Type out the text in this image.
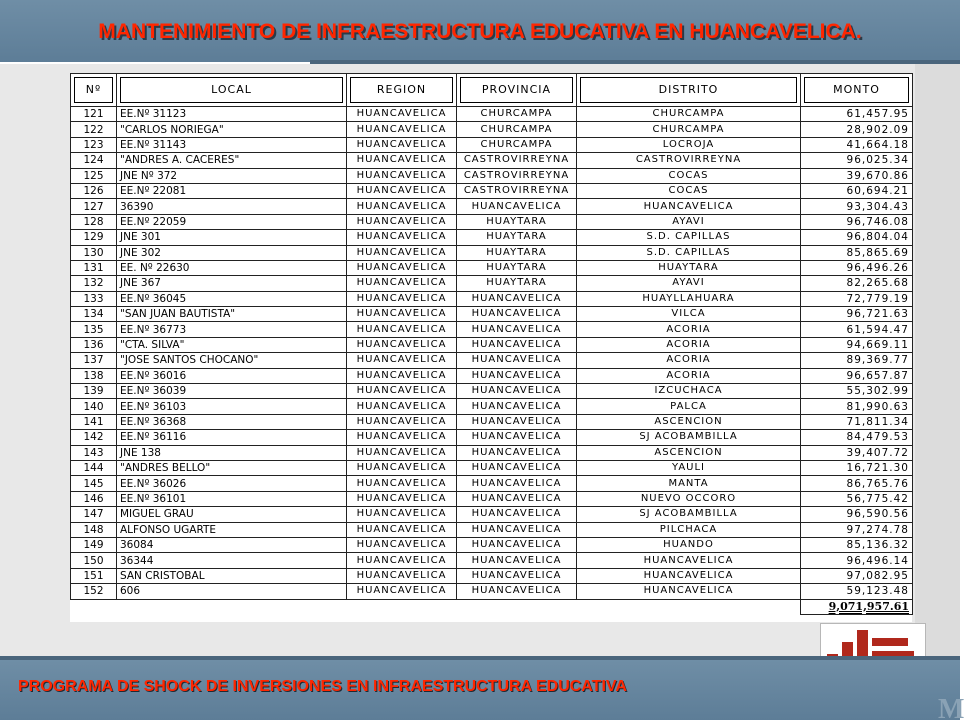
MANTENIMIENTO DE INFRAESTRUCTURA EDUCATIVA EN HUANCAVELICA.
Nº	LOCAL	REGION	PROVINCIA	DISTRITO	MONTO

121	EE.Nº 31123	HUANCAVELICA	CHURCAMPA	CHURCAMPA	61,457.95
122	"CARLOS NORIEGA"	HUANCAVELICA	CHURCAMPA	CHURCAMPA	28,902.09
123	EE.Nº 31143	HUANCAVELICA	CHURCAMPA	LOCROJA	41,664.18
124	"ANDRES A. CACERES"	HUANCAVELICA	CASTROVIRREYNA	CASTROVIRREYNA	96,025.34
125	JNE Nº 372	HUANCAVELICA	CASTROVIRREYNA	COCAS	39,670.86
126	EE.Nº 22081	HUANCAVELICA	CASTROVIRREYNA	COCAS	60,694.21
127	36390	HUANCAVELICA	HUANCAVELICA	HUANCAVELICA	93,304.43
128	EE.Nº 22059	HUANCAVELICA	HUAYTARA	AYAVI	96,746.08
129	JNE 301	HUANCAVELICA	HUAYTARA	S.D. CAPILLAS	96,804.04
130	JNE 302	HUANCAVELICA	HUAYTARA	S.D. CAPILLAS	85,865.69
131	EE. Nº 22630	HUANCAVELICA	HUAYTARA	HUAYTARA	96,496.26
132	JNE 367	HUANCAVELICA	HUAYTARA	AYAVI	82,265.68
133	EE.Nº 36045	HUANCAVELICA	HUANCAVELICA	HUAYLLAHUARA	72,779.19
134	"SAN JUAN BAUTISTA"	HUANCAVELICA	HUANCAVELICA	VILCA	96,721.63
135	EE.Nº 36773	HUANCAVELICA	HUANCAVELICA	ACORIA	61,594.47
136	"CTA. SILVA"	HUANCAVELICA	HUANCAVELICA	ACORIA	94,669.11
137	"JOSE SANTOS CHOCANO"	HUANCAVELICA	HUANCAVELICA	ACORIA	89,369.77
138	EE.Nº 36016	HUANCAVELICA	HUANCAVELICA	ACORIA	96,657.87
139	EE.Nº 36039	HUANCAVELICA	HUANCAVELICA	IZCUCHACA	55,302.99
140	EE.Nº 36103	HUANCAVELICA	HUANCAVELICA	PALCA	81,990.63
141	EE.Nº 36368	HUANCAVELICA	HUANCAVELICA	ASCENCION	71,811.34
142	EE.Nº 36116	HUANCAVELICA	HUANCAVELICA	SJ ACOBAMBILLA	84,479.53
143	JNE 138	HUANCAVELICA	HUANCAVELICA	ASCENCION	39,407.72
144	"ANDRES BELLO"	HUANCAVELICA	HUANCAVELICA	YAULI	16,721.30
145	EE.Nº 36026	HUANCAVELICA	HUANCAVELICA	MANTA	86,765.76
146	EE.Nº 36101	HUANCAVELICA	HUANCAVELICA	NUEVO OCCORO	56,775.42
147	MIGUEL GRAU	HUANCAVELICA	HUANCAVELICA	SJ ACOBAMBILLA	96,590.56
148	ALFONSO UGARTE	HUANCAVELICA	HUANCAVELICA	PILCHACA	97,274.78
149	36084	HUANCAVELICA	HUANCAVELICA	HUANDO	85,136.32
150	36344	HUANCAVELICA	HUANCAVELICA	HUANCAVELICA	96,496.14
151	SAN CRISTOBAL	HUANCAVELICA	HUANCAVELICA	HUANCAVELICA	97,082.95
152	606	HUANCAVELICA	HUANCAVELICA	HUANCAVELICA	59,123.48
					9,071,957.61
PROGRAMA DE SHOCK DE INVERSIONES EN INFRAESTRUCTURA EDUCATIVA
M
